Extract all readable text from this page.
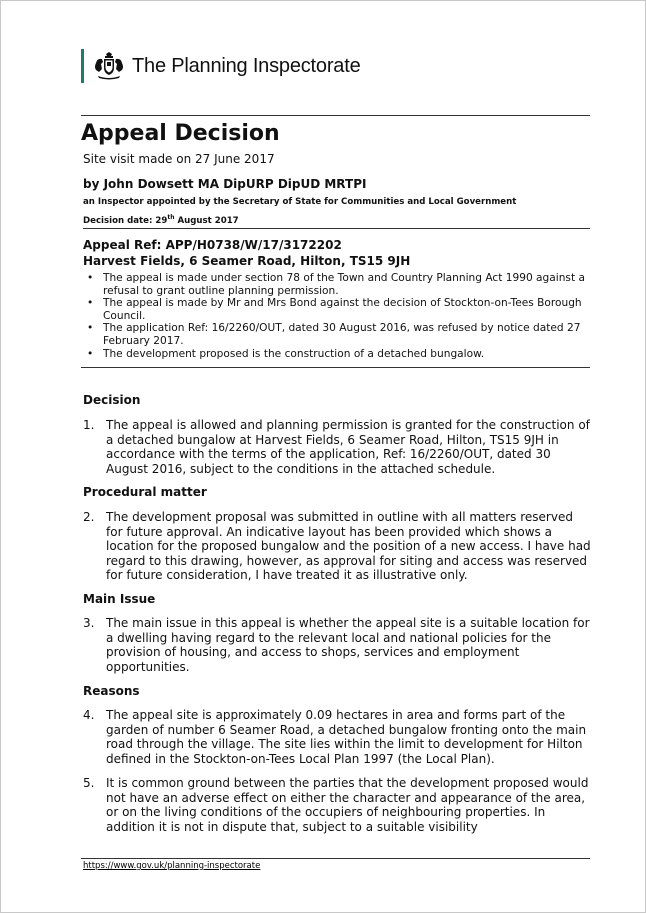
The Planning Inspectorate
Appeal Decision
Site visit made on 27 June 2017
by John Dowsett MA DipURP DipUD MRTPI
an Inspector appointed by the Secretary of State for Communities and Local Government
Decision date: 29th August 2017
Appeal Ref: APP/H0738/W/17/3172202
Harvest Fields, 6 Seamer Road, Hilton, TS15 9JH
• The appeal is made under section 78 of the Town and Country Planning Act 1990 against a refusal to grant outline planning permission.
• The appeal is made by Mr and Mrs Bond against the decision of Stockton-on-Tees Borough Council.
• The application Ref: 16/2260/OUT, dated 30 August 2016, was refused by notice dated 27 February 2017.
• The development proposed is the construction of a detached bungalow.
Decision
1. The appeal is allowed and planning permission is granted for the construction of a detached bungalow at Harvest Fields, 6 Seamer Road, Hilton, TS15 9JH in accordance with the terms of the application, Ref: 16/2260/OUT, dated 30 August 2016, subject to the conditions in the attached schedule.
Procedural matter
2. The development proposal was submitted in outline with all matters reserved for future approval. An indicative layout has been provided which shows a location for the proposed bungalow and the position of a new access. I have had regard to this drawing, however, as approval for siting and access was reserved for future consideration, I have treated it as illustrative only.
Main Issue
3. The main issue in this appeal is whether the appeal site is a suitable location for a dwelling having regard to the relevant local and national policies for the provision of housing, and access to shops, services and employment opportunities.
Reasons
4. The appeal site is approximately 0.09 hectares in area and forms part of the garden of number 6 Seamer Road, a detached bungalow fronting onto the main road through the village. The site lies within the limit to development for Hilton defined in the Stockton-on-Tees Local Plan 1997 (the Local Plan).
5. It is common ground between the parties that the development proposed would not have an adverse effect on either the character and appearance of the area, or on the living conditions of the occupiers of neighbouring properties. In addition it is not in dispute that, subject to a suitable visibility
https://www.gov.uk/planning-inspectorate
